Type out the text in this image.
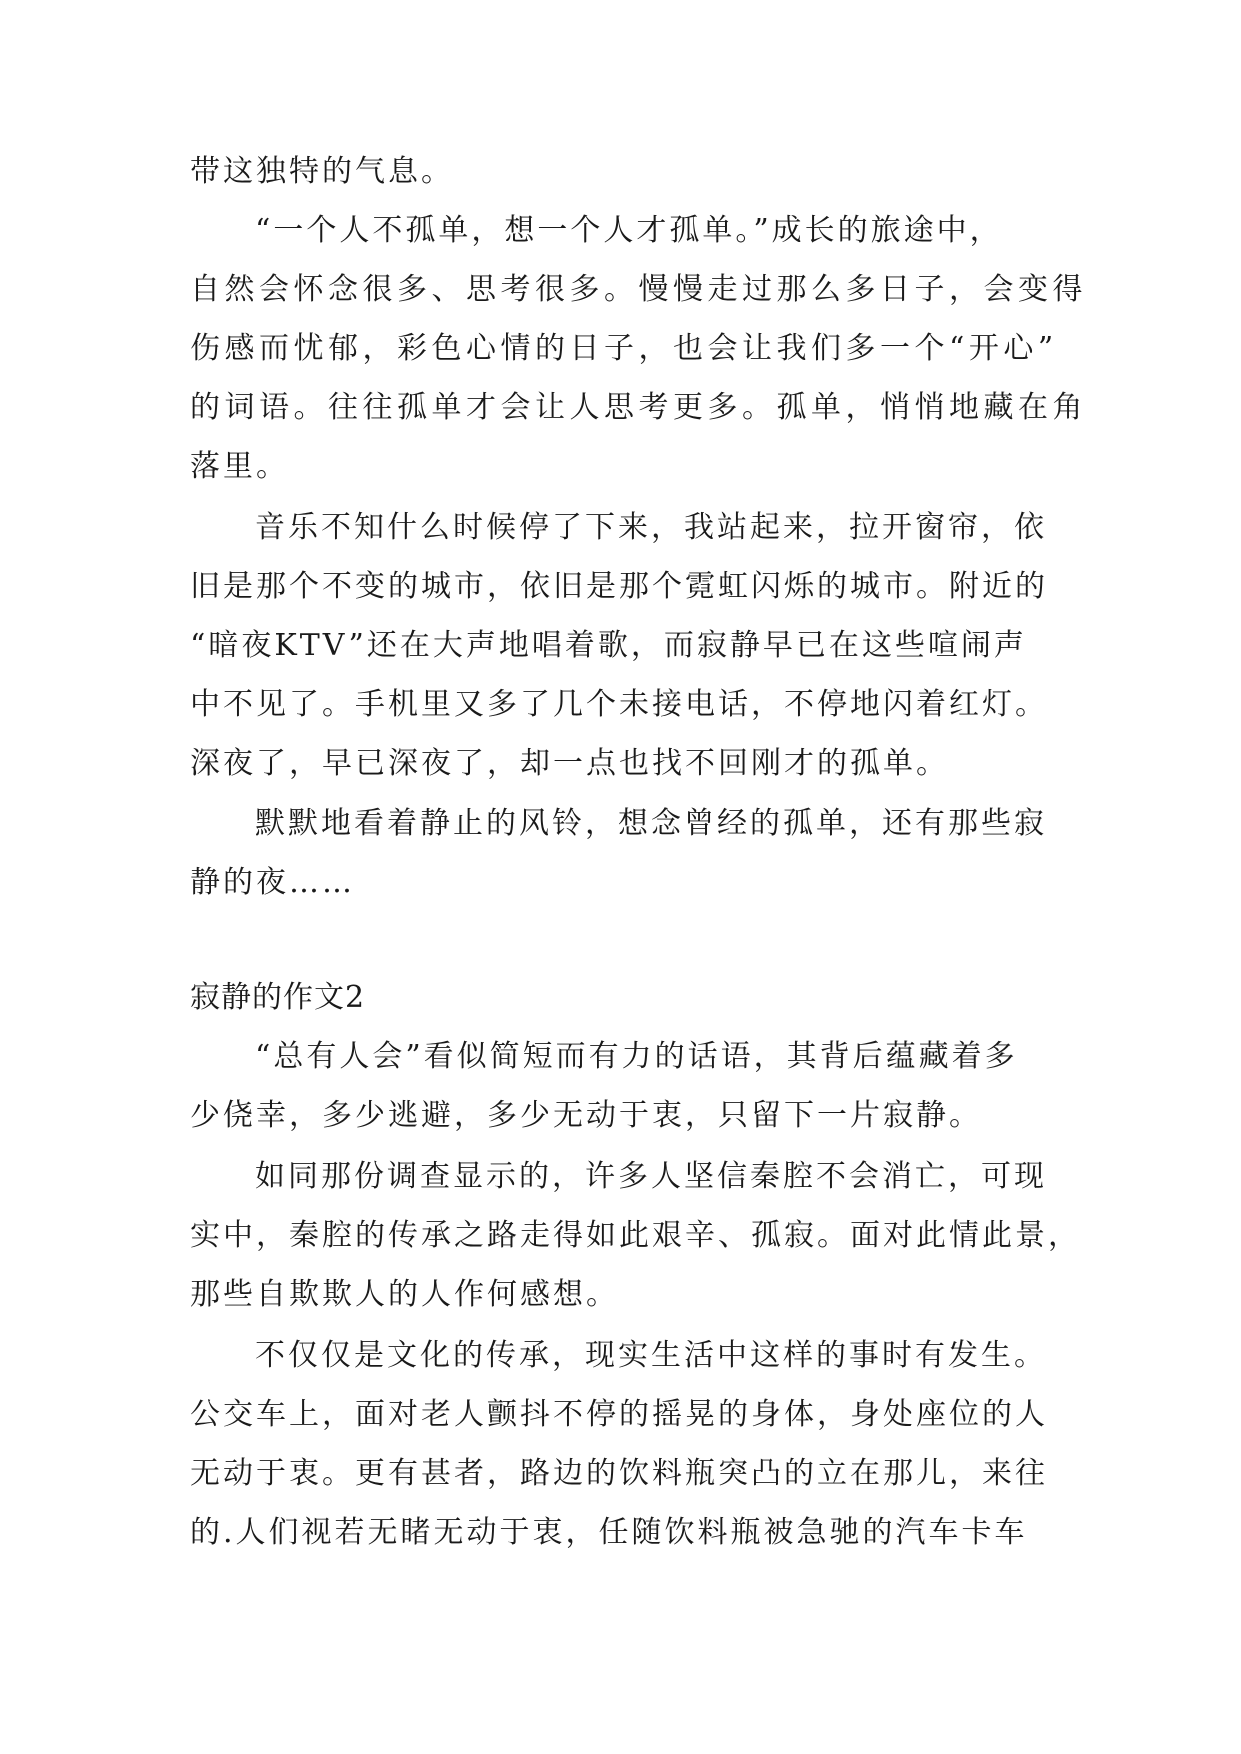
带这独特的气息。
“一个人不孤单，想一个人才孤单。”成长的旅途中，
自然会怀念很多、思考很多。慢慢走过那么多日子，会变得
伤感而忧郁，彩色心情的日子，也会让我们多一个“开心”
的词语。往往孤单才会让人思考更多。孤单，悄悄地藏在角
落里。
音乐不知什么时候停了下来，我站起来，拉开窗帘，依
旧是那个不变的城市，依旧是那个霓虹闪烁的城市。附近的
“暗夜KTV”还在大声地唱着歌，而寂静早已在这些喧闹声
中不见了。手机里又多了几个未接电话，不停地闪着红灯。
深夜了，早已深夜了，却一点也找不回刚才的孤单。
默默地看着静止的风铃，想念曾经的孤单，还有那些寂
静的夜……
寂静的作文2
“总有人会”看似简短而有力的话语，其背后蕴藏着多
少侥幸，多少逃避，多少无动于衷，只留下一片寂静。
如同那份调查显示的，许多人坚信秦腔不会消亡，可现
实中，秦腔的传承之路走得如此艰辛、孤寂。面对此情此景，
那些自欺欺人的人作何感想。
不仅仅是文化的传承，现实生活中这样的事时有发生。
公交车上，面对老人颤抖不停的摇晃的身体，身处座位的人
无动于衷。更有甚者，路边的饮料瓶突凸的立在那儿，来往
的.人们视若无睹无动于衷，任随饮料瓶被急驰的汽车卡车
